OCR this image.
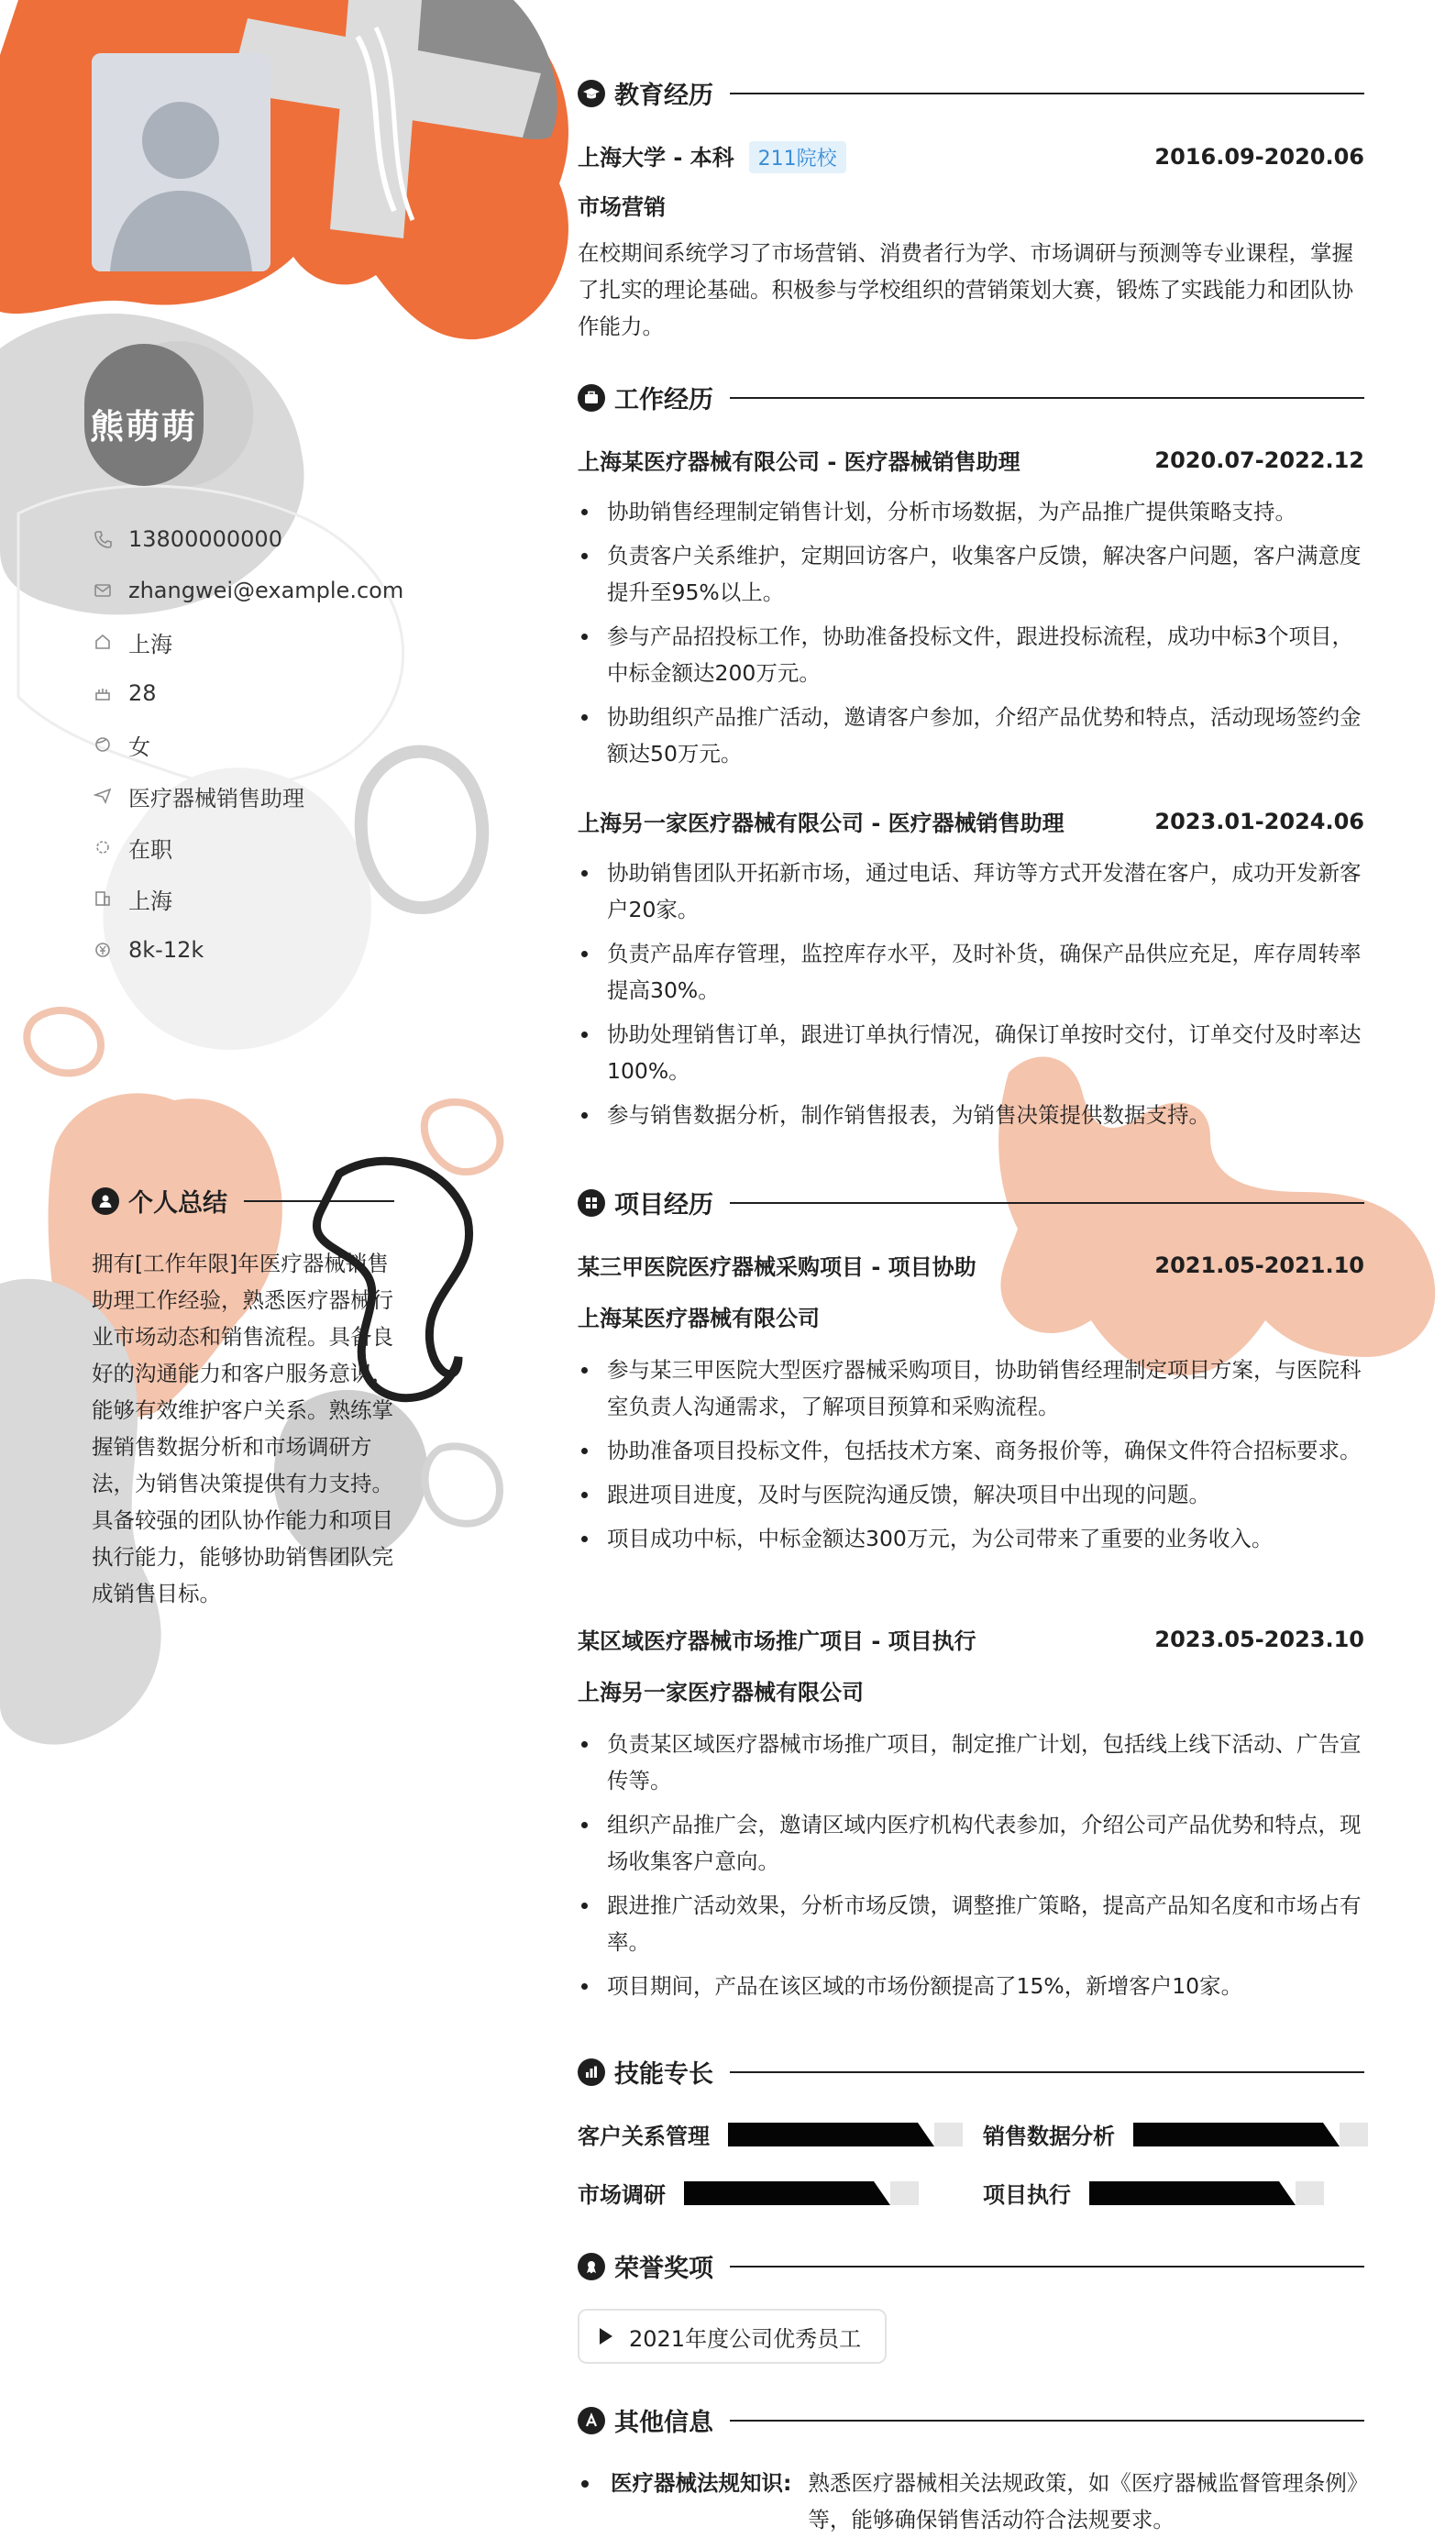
熊萌萌
13800000000
zhangwei@example.com
上海
28
女
医疗器械销售助理
在职
上海
8k-12k
个人总结
拥有[工作年限]年医疗器械销售助理工作经验，熟悉医疗器械行业市场动态和销售流程。具备良好的沟通能力和客户服务意识，能够有效维护客户关系。熟练掌握销售数据分析和市场调研方法，为销售决策提供有力支持。具备较强的团队协作能力和项目执行能力，能够协助销售团队完成销售目标。
教育经历
上海大学 - 本科 211院校	2016.09-2020.06
市场营销
在校期间系统学习了市场营销、消费者行为学、市场调研与预测等专业课程，掌握了扎实的理论基础。积极参与学校组织的营销策划大赛，锻炼了实践能力和团队协作能力。
工作经历
上海某医疗器械有限公司 - 医疗器械销售助理	2020.07-2022.12
协助销售经理制定销售计划，分析市场数据，为产品推广提供策略支持。
负责客户关系维护，定期回访客户，收集客户反馈，解决客户问题，客户满意度提升至95%以上。
参与产品招投标工作，协助准备投标文件，跟进投标流程，成功中标3个项目，中标金额达200万元。
协助组织产品推广活动，邀请客户参加，介绍产品优势和特点，活动现场签约金额达50万元。
上海另一家医疗器械有限公司 - 医疗器械销售助理	2023.01-2024.06
协助销售团队开拓新市场，通过电话、拜访等方式开发潜在客户，成功开发新客户20家。
负责产品库存管理，监控库存水平，及时补货，确保产品供应充足，库存周转率提高30%。
协助处理销售订单，跟进订单执行情况，确保订单按时交付，订单交付及时率达100%。
参与销售数据分析，制作销售报表，为销售决策提供数据支持。
项目经历
某三甲医院医疗器械采购项目 - 项目协助	2021.05-2021.10
上海某医疗器械有限公司
参与某三甲医院大型医疗器械采购项目，协助销售经理制定项目方案，与医院科室负责人沟通需求，了解项目预算和采购流程。
协助准备项目投标文件，包括技术方案、商务报价等，确保文件符合招标要求。
跟进项目进度，及时与医院沟通反馈，解决项目中出现的问题。
项目成功中标，中标金额达300万元，为公司带来了重要的业务收入。
某区域医疗器械市场推广项目 - 项目执行	2023.05-2023.10
上海另一家医疗器械有限公司
负责某区域医疗器械市场推广项目，制定推广计划，包括线上线下活动、广告宣传等。
组织产品推广会，邀请区域内医疗机构代表参加，介绍公司产品优势和特点，现场收集客户意向。
跟进推广活动效果，分析市场反馈，调整推广策略，提高产品知名度和市场占有率。
项目期间，产品在该区域的市场份额提高了15%，新增客户10家。
技能专长
客户关系管理	销售数据分析
市场调研	项目执行
荣誉奖项
2021年度公司优秀员工
其他信息
医疗器械法规知识: 熟悉医疗器械相关法规政策，如《医疗器械监督管理条例》等，能够确保销售活动符合法规要求。
